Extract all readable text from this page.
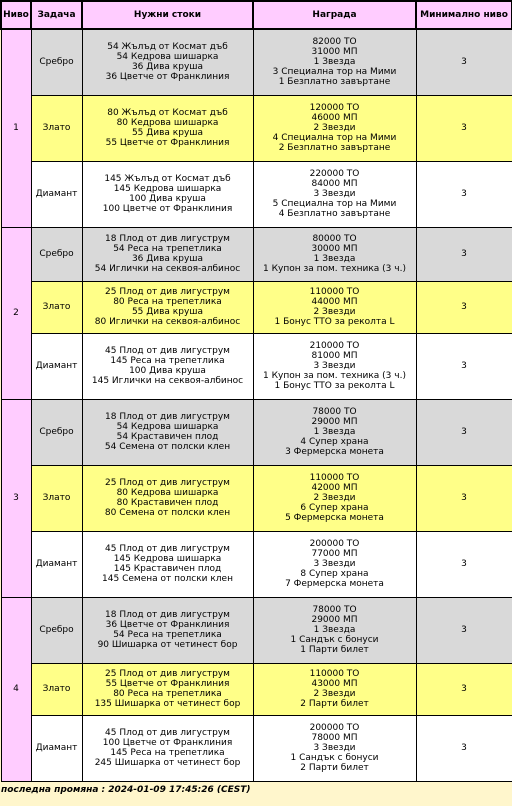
Ниво	Задача	Нужни стоки	Награда	Минимално ниво
1	Сребро	54 Жълъд от Космат дъб
54 Кедрова шишарка
36 Дива круша
36 Цветче от Франклиния	82000 ТО
31000 МП
1 Звезда
3 Специална тор на Мими
1 Безплатно завъртане	3
	Злато	80 Жълъд от Космат дъб
80 Кедрова шишарка
55 Дива круша
55 Цветче от Франклиния	120000 ТО
46000 МП
2 Звезди
4 Специална тор на Мими
2 Безплатно завъртане	3
	Диамант	145 Жълъд от Космат дъб
145 Кедрова шишарка
100 Дива круша
100 Цветче от Франклиния	220000 ТО
84000 МП
3 Звезди
5 Специална тор на Мими
4 Безплатно завъртане	3
2	Сребро	18 Плод от див лигуструм
54 Реса на трепетлика
36 Дива круша
54 Иглички на секвоя-албинос	80000 ТО
30000 МП
1 Звезда
1 Купон за пом. техника (3 ч.)	3
	Злато	25 Плод от див лигуструм
80 Реса на трепетлика
55 Дива круша
80 Иглички на секвоя-албинос	110000 ТО
44000 МП
2 Звезди
1 Бонус ТТО за реколта L	3
	Диамант	45 Плод от див лигуструм
145 Реса на трепетлика
100 Дива круша
145 Иглички на секвоя-албинос	210000 ТО
81000 МП
3 Звезди
1 Купон за пом. техника (3 ч.)
1 Бонус ТТО за реколта L	3
3	Сребро	18 Плод от див лигуструм
54 Кедрова шишарка
54 Краставичен плод
54 Семена от полски клен	78000 ТО
29000 МП
1 Звезда
4 Супер храна
3 Фермерска монета	3
	Злато	25 Плод от див лигуструм
80 Кедрова шишарка
80 Краставичен плод
80 Семена от полски клен	110000 ТО
42000 МП
2 Звезди
6 Супер храна
5 Фермерска монета	3
	Диамант	45 Плод от див лигуструм
145 Кедрова шишарка
145 Краставичен плод
145 Семена от полски клен	200000 ТО
77000 МП
3 Звезди
8 Супер храна
7 Фермерска монета	3
4	Сребро	18 Плод от див лигуструм
36 Цветче от Франклиния
54 Реса на трепетлика
90 Шишарка от четинест бор	78000 ТО
29000 МП
1 Звезда
1 Сандък с бонуси
1 Парти билет	3
	Злато	25 Плод от див лигуструм
55 Цветче от Франклиния
80 Реса на трепетлика
135 Шишарка от четинест бор	110000 ТО
43000 МП
2 Звезди
2 Парти билет	3
	Диамант	45 Плод от див лигуструм
100 Цветче от Франклиния
145 Реса на трепетлика
245 Шишарка от четинест бор	200000 ТО
78000 МП
3 Звезди
1 Сандък с бонуси
2 Парти билет	3
последна промяна : 2024-01-09 17:45:26 (CEST)
